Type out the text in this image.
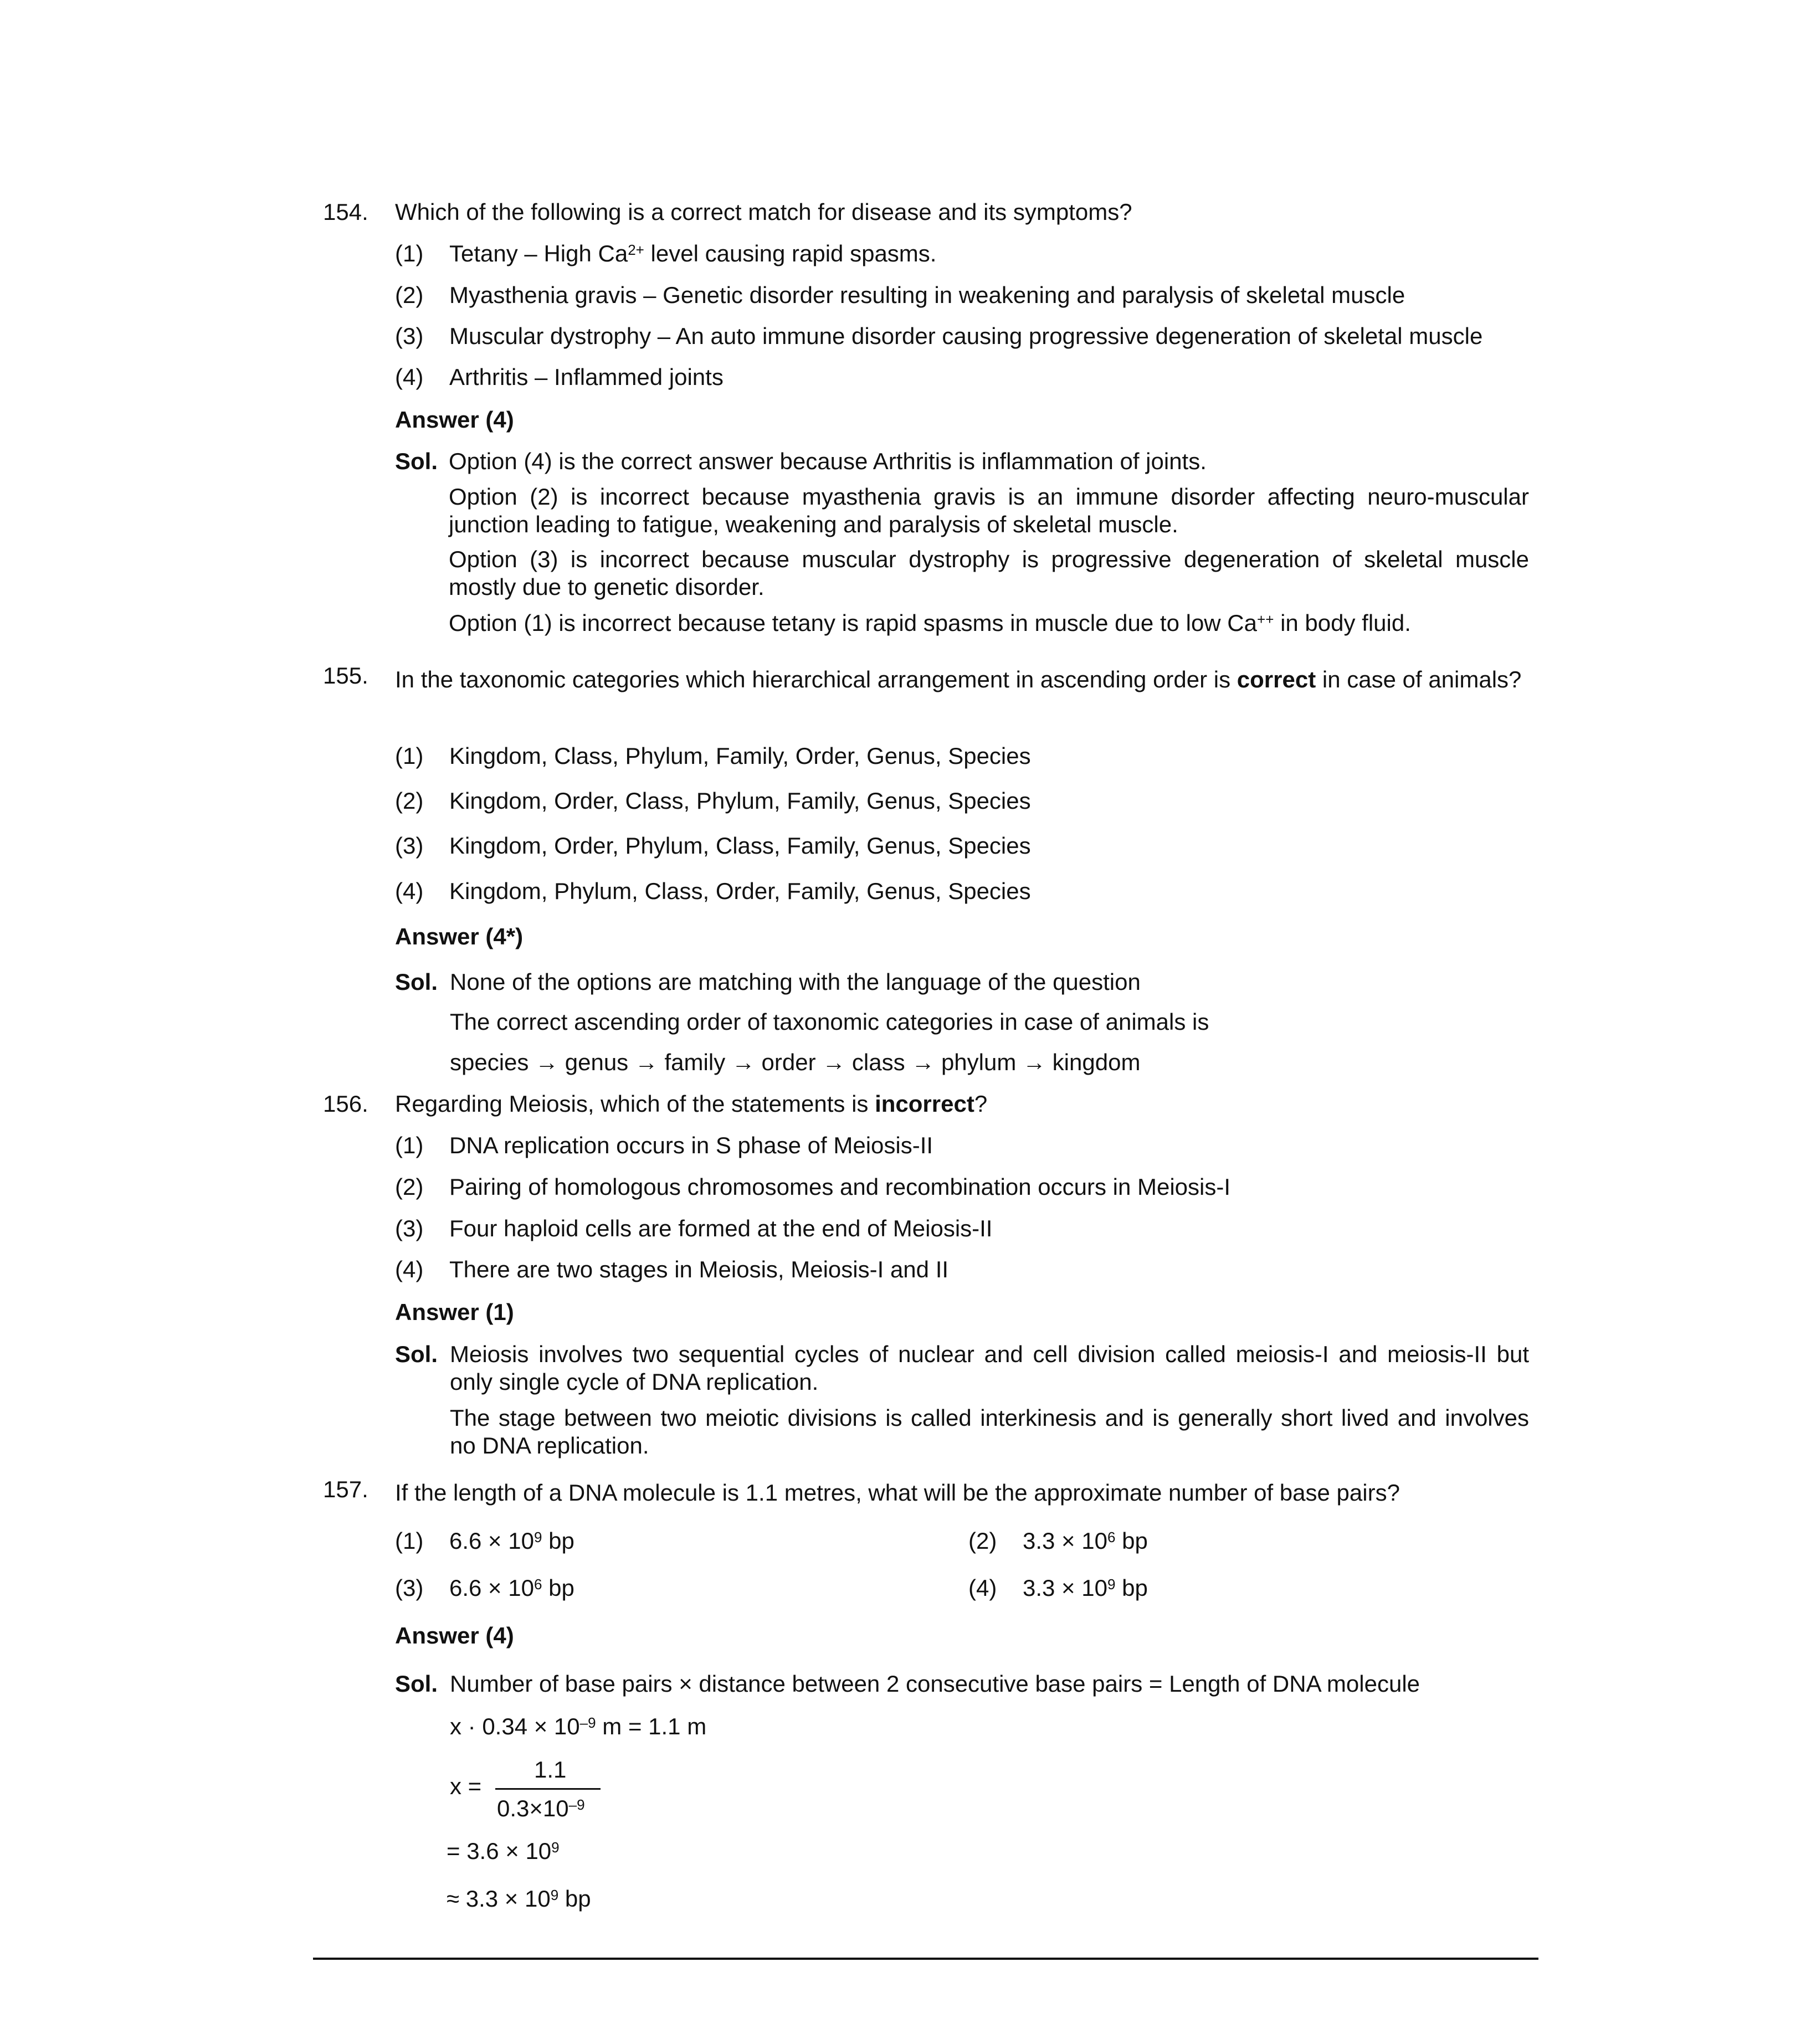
154. Which of the following is a correct match for disease and its symptoms?
(1) Tetany – High $Ca^{2+}$ level causing rapid spasms.
(2) Myasthenia gravis – Genetic disorder resulting in weakening and paralysis of skeletal muscle
(3) Muscular dystrophy – An auto immune disorder causing progressive degeneration of skeletal muscle
(4) Arthritis – Inflammed joints
Answer (4)
Sol. Option (4) is the correct answer because Arthritis is inflammation of joints.
Option (2) is incorrect because myasthenia gravis is an immune disorder affecting neuro-muscular junction leading to fatigue, weakening and paralysis of skeletal muscle.
Option (3) is incorrect because muscular dystrophy is progressive degeneration of skeletal muscle mostly due to genetic disorder.
Option (1) is incorrect because tetany is rapid spasms in muscle due to low Ca++ in body fluid.
155. In the taxonomic categories which hierarchical arrangement in ascending order is correct in case of animals?
(1) Kingdom, Class, Phylum, Family, Order, Genus, Species
(2) Kingdom, Order, Class, Phylum, Family, Genus, Species
(3) Kingdom, Order, Phylum, Class, Family, Genus, Species
(4) Kingdom, Phylum, Class, Order, Family, Genus, Species
Answer (4*)
Sol. None of the options are matching with the language of the question
The correct ascending order of taxonomic categories in case of animals is
species → genus → family → order → class → phylum → kingdom
156. Regarding Meiosis, which of the statements is incorrect?
(1) DNA replication occurs in S phase of Meiosis-II
(2) Pairing of homologous chromosomes and recombination occurs in Meiosis-I
(3) Four haploid cells are formed at the end of Meiosis-II
(4) There are two stages in Meiosis, Meiosis-I and II
Answer (1)
Sol. Meiosis involves two sequential cycles of nuclear and cell division called meiosis-I and meiosis-II but only single cycle of DNA replication.
The stage between two meiotic divisions is called interkinesis and is generally short lived and involves no DNA replication.
157. If the length of a DNA molecule is 1.1 metres, what will be the approximate number of base pairs?
(1) $6.6 \times 10^9$ bp	(2) $3.3 \times 10^6$ bp
(3) $6.6 \times 10^6$ bp	(4) $3.3 \times 10^9$ bp
Answer (4)
Sol. Number of base pairs × distance between 2 consecutive base pairs = Length of DNA molecule
$x \cdot 0.34 \times 10^{-9}$ m = 1.1 m
x =
1.1
$0.3\times 10^{-9}$
= $3.6 \times 10^9$
≈ $3.3 \times 10^9$ bp
